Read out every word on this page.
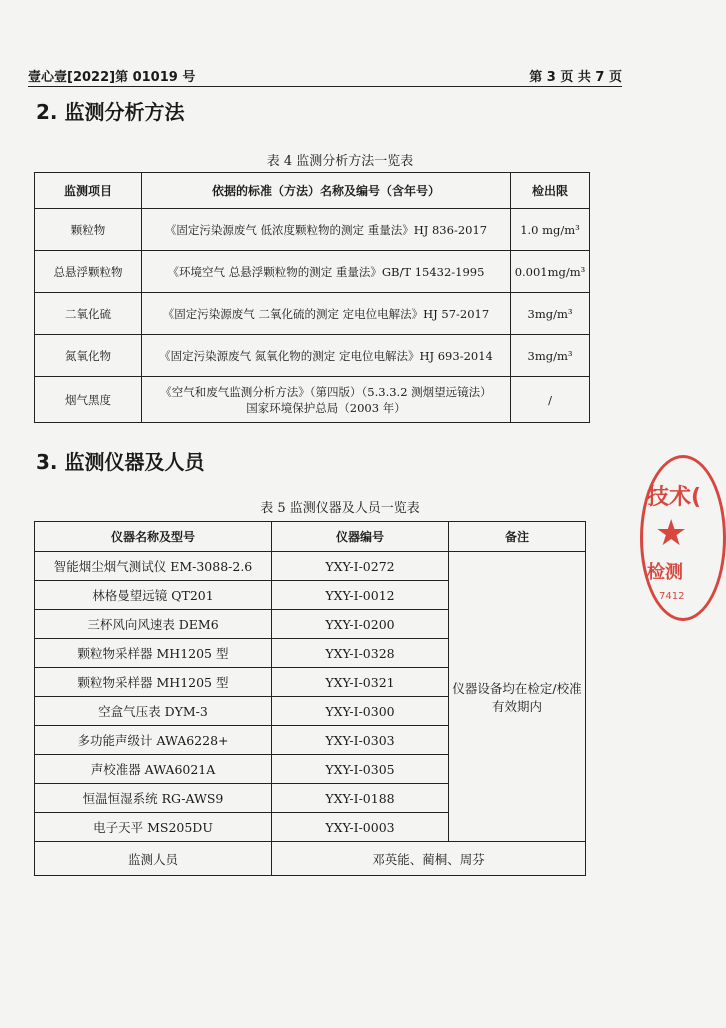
壹心壹[2022]第 01019 号	第 3 页 共 7 页
2. 监测分析方法
表 4 监测分析方法一览表
监测项目	依据的标准（方法）名称及编号（含年号）	检出限
颗粒物	《固定污染源废气 低浓度颗粒物的测定 重量法》HJ 836-2017	1.0 mg/m³
总悬浮颗粒物	《环境空气 总悬浮颗粒物的测定 重量法》GB/T 15432-1995	0.001mg/m³
二氧化硫	《固定污染源废气 二氧化硫的测定 定电位电解法》HJ 57-2017	3mg/m³
氮氧化物	《固定污染源废气 氮氧化物的测定 定电位电解法》HJ 693-2014	3mg/m³
烟气黑度	《空气和废气监测分析方法》（第四版）（5.3.3.2 测烟望远镜法）
国家环境保护总局（2003 年）	/
3. 监测仪器及人员
表 5 监测仪器及人员一览表
仪器名称及型号	仪器编号	备注
智能烟尘烟气测试仪 EM-3088-2.6	YXY-I-0272	仪器设备均在检定/校准
有效期内

林格曼望远镜 QT201	YXY-I-0012	
三杯风向风速表 DEM6	YXY-I-0200	
颗粒物采样器 MH1205 型	YXY-I-0328	
颗粒物采样器 MH1205 型	YXY-I-0321	
空盒气压表 DYM-3	YXY-I-0300	
多功能声级计 AWA6228+	YXY-I-0303	
声校准器 AWA6021A	YXY-I-0305	
恒温恒湿系统 RG-AWS9	YXY-I-0188	
电子天平 MS205DU	YXY-I-0003	
监测人员	邓英能、蔺桐、周芬	
技术(
★
检测
7412
